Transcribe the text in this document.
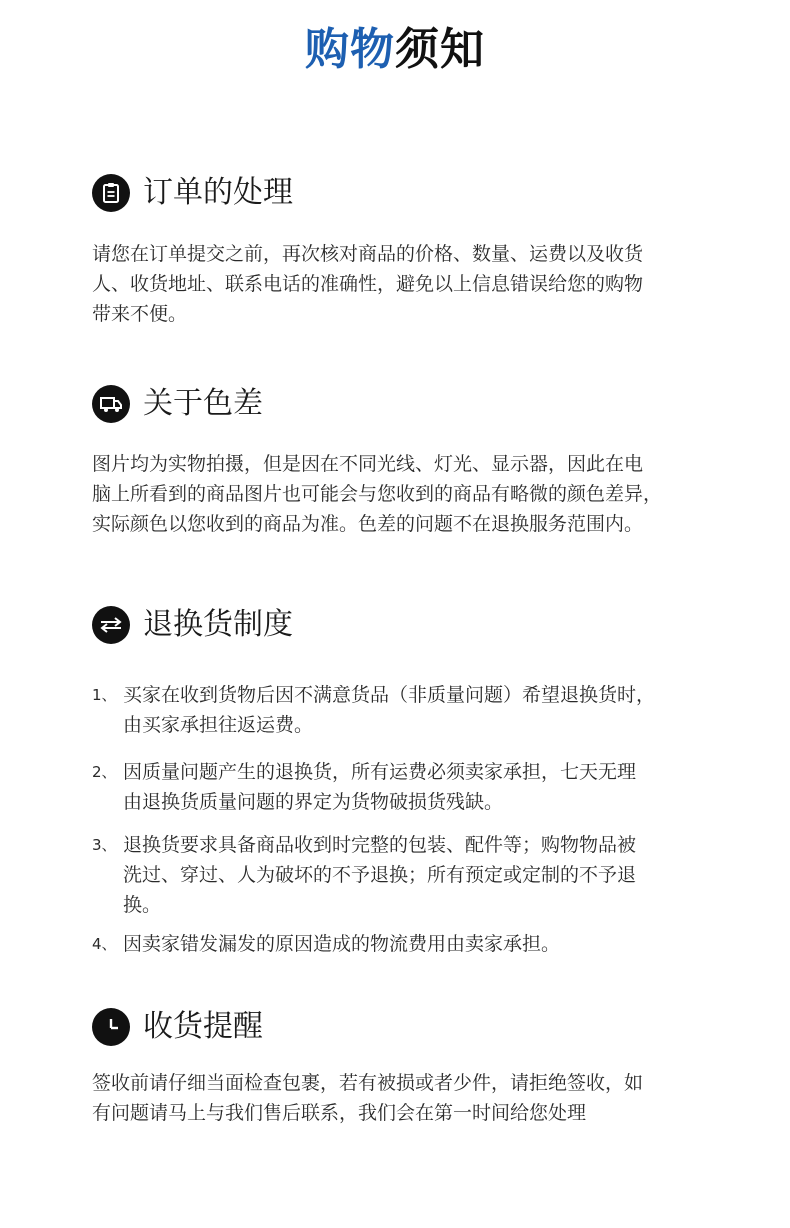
购物须知
订单的处理
请您在订单提交之前，再次核对商品的价格、数量、运费以及收货
人、收货地址、联系电话的准确性，避免以上信息错误给您的购物
带来不便。
关于色差
图片均为实物拍摄，但是因在不同光线、灯光、显示器，因此在电
脑上所看到的商品图片也可能会与您收到的商品有略微的颜色差异，
实际颜色以您收到的商品为准。色差的问题不在退换服务范围内。
退换货制度
1、 买家在收到货物后因不满意货品（非质量问题）希望退换货时，
由买家承担往返运费。
2、 因质量问题产生的退换货，所有运费必须卖家承担，七天无理
由退换货质量问题的界定为货物破损货残缺。
3、 退换货要求具备商品收到时完整的包装、配件等；购物物品被
洗过、穿过、人为破坏的不予退换；所有预定或定制的不予退
换。
4、 因卖家错发漏发的原因造成的物流费用由卖家承担。
收货提醒
签收前请仔细当面检查包裹，若有被损或者少件，请拒绝签收，如
有问题请马上与我们售后联系，我们会在第一时间给您处理
